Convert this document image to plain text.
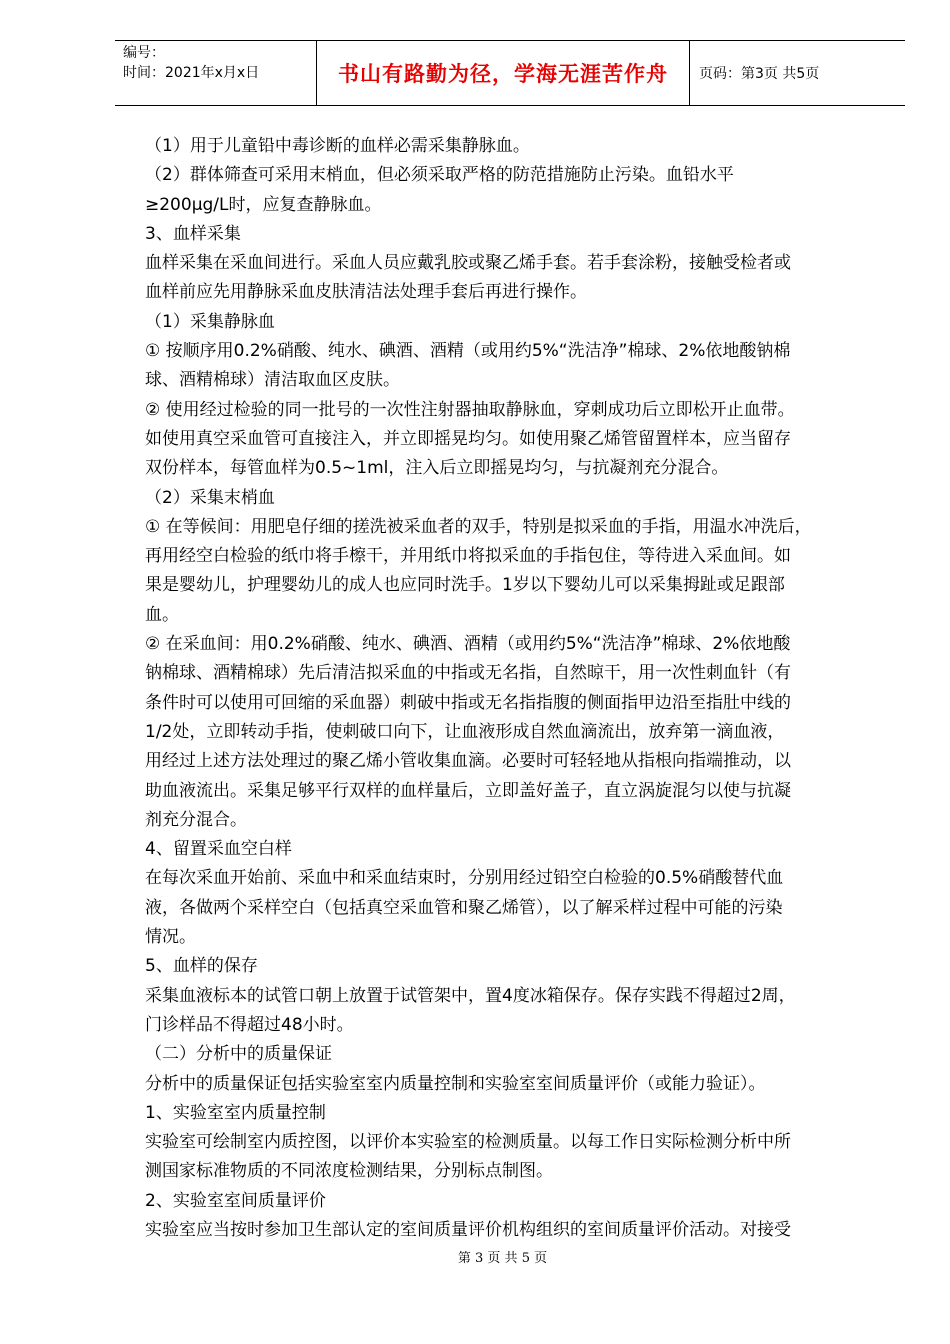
编号：
时间：2021年x月x日	书山有路勤为径，学海无涯苦作舟 页码：第3页 共5页

（1）用于儿童铅中毒诊断的血样必需采集静脉血。

（2）群体筛查可采用末梢血，但必须采取严格的防范措施防止污染。血铅水平

≥200μg/L时，应复查静脉血。

3、血样采集

血样采集在采血间进行。采血人员应戴乳胶或聚乙烯手套。若手套涂粉，接触受检者或

血样前应先用静脉采血皮肤清洁法处理手套后再进行操作。

（1）采集静脉血

① 按顺序用0.2%硝酸、纯水、碘酒、酒精（或用约5%“洗洁净”棉球、2%依地酸钠棉

球、酒精棉球）清洁取血区皮肤。

② 使用经过检验的同一批号的一次性注射器抽取静脉血，穿刺成功后立即松开止血带。

如使用真空采血管可直接注入，并立即摇晃均匀。如使用聚乙烯管留置样本，应当留存

双份样本，每管血样为0.5~1ml，注入后立即摇晃均匀，与抗凝剂充分混合。

（2）采集末梢血

① 在等候间：用肥皂仔细的搓洗被采血者的双手，特别是拟采血的手指，用温水冲洗后，

再用经空白检验的纸巾将手檫干，并用纸巾将拟采血的手指包住，等待进入采血间。如

果是婴幼儿，护理婴幼儿的成人也应同时洗手。1岁以下婴幼儿可以采集拇趾或足跟部

血。

② 在采血间：用0.2%硝酸、纯水、碘酒、酒精（或用约5%“洗洁净”棉球、2%依地酸

钠棉球、酒精棉球）先后清洁拟采血的中指或无名指，自然晾干，用一次性刺血针（有

条件时可以使用可回缩的采血器）刺破中指或无名指指腹的侧面指甲边沿至指肚中线的

1/2处，立即转动手指，使刺破口向下，让血液形成自然血滴流出，放弃第一滴血液，

用经过上述方法处理过的聚乙烯小管收集血滴。必要时可轻轻地从指根向指端推动，以

助血液流出。采集足够平行双样的血样量后，立即盖好盖子，直立涡旋混匀以使与抗凝

剂充分混合。

4、留置采血空白样

在每次采血开始前、采血中和采血结束时，分别用经过铅空白检验的0.5%硝酸替代血

液，各做两个采样空白（包括真空采血管和聚乙烯管），以了解采样过程中可能的污染

情况。

5、血样的保存

采集血液标本的试管口朝上放置于试管架中，置4度冰箱保存。保存实践不得超过2周，

门诊样品不得超过48小时。

（二）分析中的质量保证

分析中的质量保证包括实验室室内质量控制和实验室室间质量评价（或能力验证）。

1、实验室室内质量控制

实验室可绘制室内质控图，以评价本实验室的检测质量。以每工作日实际检测分析中所

测国家标准物质的不同浓度检测结果，分别标点制图。

2、实验室室间质量评价

实验室应当按时参加卫生部认定的室间质量评价机构组织的室间质量评价活动。对接受

第 3 页 共 5 页
